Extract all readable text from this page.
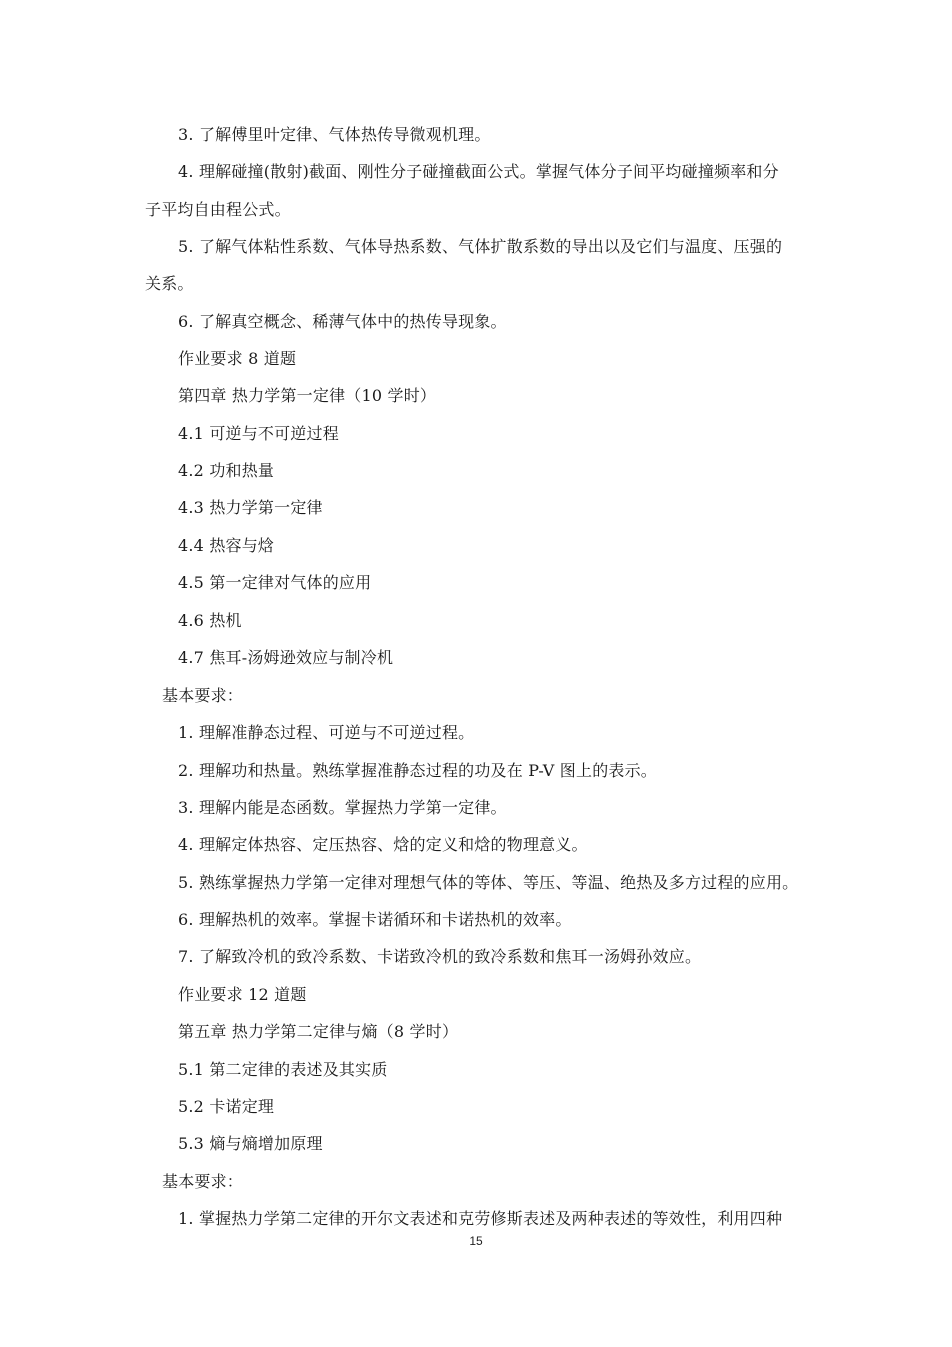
3. 了解傅里叶定律、气体热传导微观机理。
4. 理解碰撞(散射)截面、刚性分子碰撞截面公式。掌握气体分子间平均碰撞频率和分
子平均自由程公式。
5. 了解气体粘性系数、气体导热系数、气体扩散系数的导出以及它们与温度、压强的
关系。
6. 了解真空概念、稀薄气体中的热传导现象。
作业要求 8 道题
第四章 热力学第一定律（10 学时）
4.1 可逆与不可逆过程
4.2 功和热量
4.3 热力学第一定律
4.4 热容与焓
4.5 第一定律对气体的应用
4.6 热机
4.7 焦耳-汤姆逊效应与制冷机
基本要求：
1. 理解准静态过程、可逆与不可逆过程。
2. 理解功和热量。熟练掌握准静态过程的功及在 P-V 图上的表示。
3. 理解内能是态函数。掌握热力学第一定律。
4. 理解定体热容、定压热容、焓的定义和焓的物理意义。
5. 熟练掌握热力学第一定律对理想气体的等体、等压、等温、绝热及多方过程的应用。
6. 理解热机的效率。掌握卡诺循环和卡诺热机的效率。
7. 了解致冷机的致冷系数、卡诺致冷机的致冷系数和焦耳一汤姆孙效应。
作业要求 12 道题
第五章 热力学第二定律与熵（8 学时）
5.1 第二定律的表述及其实质
5.2 卡诺定理
5.3 熵与熵增加原理
基本要求：
1. 掌握热力学第二定律的开尔文表述和克劳修斯表述及两种表述的等效性，利用四种
15
